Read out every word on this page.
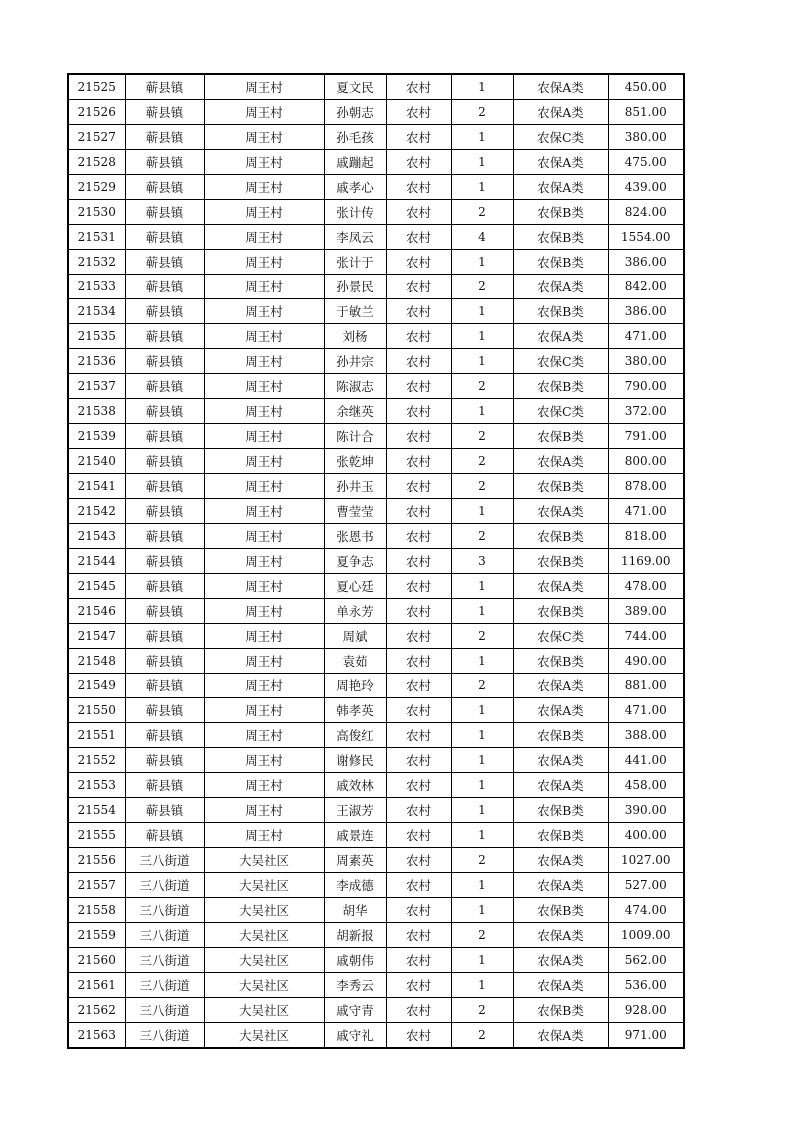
21525	蕲县镇	周王村	夏文民	农村	1	农保A类	450.00
21526	蕲县镇	周王村	孙朝志	农村	2	农保A类	851.00
21527	蕲县镇	周王村	孙毛孩	农村	1	农保C类	380.00
21528	蕲县镇	周王村	戚蹦起	农村	1	农保A类	475.00
21529	蕲县镇	周王村	戚孝心	农村	1	农保A类	439.00
21530	蕲县镇	周王村	张计传	农村	2	农保B类	824.00
21531	蕲县镇	周王村	李凤云	农村	4	农保B类	1554.00
21532	蕲县镇	周王村	张计于	农村	1	农保B类	386.00
21533	蕲县镇	周王村	孙景民	农村	2	农保A类	842.00
21534	蕲县镇	周王村	于敏兰	农村	1	农保B类	386.00
21535	蕲县镇	周王村	刘杨	农村	1	农保A类	471.00
21536	蕲县镇	周王村	孙井宗	农村	1	农保C类	380.00
21537	蕲县镇	周王村	陈淑志	农村	2	农保B类	790.00
21538	蕲县镇	周王村	余继英	农村	1	农保C类	372.00
21539	蕲县镇	周王村	陈计合	农村	2	农保B类	791.00
21540	蕲县镇	周王村	张乾坤	农村	2	农保A类	800.00
21541	蕲县镇	周王村	孙井玉	农村	2	农保B类	878.00
21542	蕲县镇	周王村	曹莹莹	农村	1	农保A类	471.00
21543	蕲县镇	周王村	张恩书	农村	2	农保B类	818.00
21544	蕲县镇	周王村	夏争志	农村	3	农保B类	1169.00
21545	蕲县镇	周王村	夏心廷	农村	1	农保A类	478.00
21546	蕲县镇	周王村	单永芳	农村	1	农保B类	389.00
21547	蕲县镇	周王村	周斌	农村	2	农保C类	744.00
21548	蕲县镇	周王村	袁茹	农村	1	农保B类	490.00
21549	蕲县镇	周王村	周艳玲	农村	2	农保A类	881.00
21550	蕲县镇	周王村	韩孝英	农村	1	农保A类	471.00
21551	蕲县镇	周王村	高俊红	农村	1	农保B类	388.00
21552	蕲县镇	周王村	谢修民	农村	1	农保A类	441.00
21553	蕲县镇	周王村	戚效林	农村	1	农保A类	458.00
21554	蕲县镇	周王村	王淑芳	农村	1	农保B类	390.00
21555	蕲县镇	周王村	戚景连	农村	1	农保B类	400.00
21556	三八街道	大吴社区	周素英	农村	2	农保A类	1027.00
21557	三八街道	大吴社区	李成德	农村	1	农保A类	527.00
21558	三八街道	大吴社区	胡华	农村	1	农保B类	474.00
21559	三八街道	大吴社区	胡新报	农村	2	农保A类	1009.00
21560	三八街道	大吴社区	戚朝伟	农村	1	农保A类	562.00
21561	三八街道	大吴社区	李秀云	农村	1	农保A类	536.00
21562	三八街道	大吴社区	戚守青	农村	2	农保B类	928.00
21563	三八街道	大吴社区	戚守礼	农村	2	农保A类	971.00
